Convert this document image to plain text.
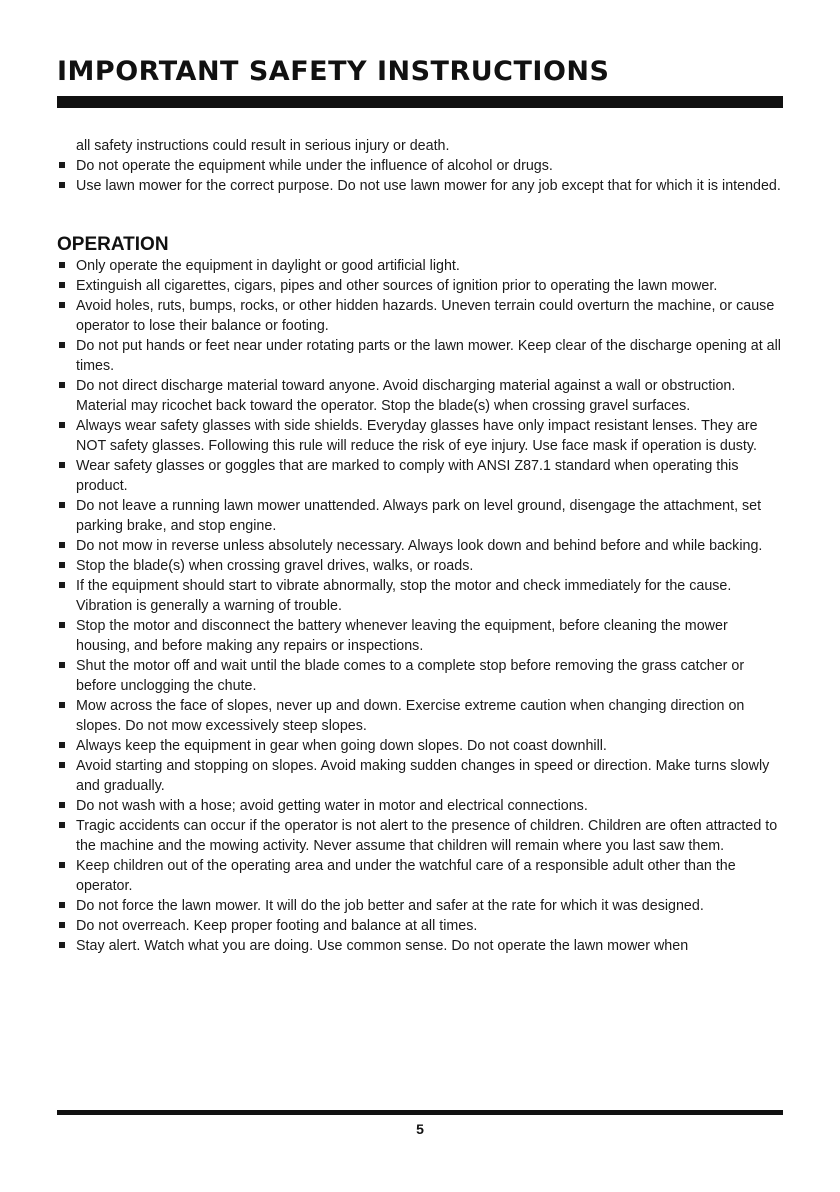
IMPORTANT SAFETY INSTRUCTIONS

all safety instructions could result in serious injury or death.

Do not operate the equipment while under the influence of alcohol or drugs.
Use lawn mower for the correct purpose. Do not use lawn mower for any job except that for which it is intended.
OPERATION
Only operate the equipment in daylight or good artificial light.
Extinguish all cigarettes, cigars, pipes and other sources of ignition prior to operating the lawn mower.
Avoid holes, ruts, bumps, rocks, or other hidden hazards. Uneven terrain could overturn the machine, or cause operator to lose their balance or footing.
Do not put hands or feet near under rotating parts or the lawn mower. Keep clear of the discharge opening at all times.
Do not direct discharge material toward anyone. Avoid discharging material against a wall or obstruction. Material may ricochet back toward the operator. Stop the blade(s) when crossing gravel surfaces.
Always wear safety glasses with side shields. Everyday glasses have only impact resistant lenses. They are NOT safety glasses. Following this rule will reduce the risk of eye injury. Use face mask if operation is dusty.
Wear safety glasses or goggles that are marked to comply with ANSI Z87.1 standard when operating this product.
Do not leave a running lawn mower unattended. Always park on level ground, disengage the attachment, set parking brake, and stop engine.
Do not mow in reverse unless absolutely necessary. Always look down and behind before and while backing.
Stop the blade(s) when crossing gravel drives, walks, or roads.
If the equipment should start to vibrate abnormally, stop the motor and check immediately for the cause. Vibration is generally a warning of trouble.
Stop the motor and disconnect the battery whenever leaving the equipment, before cleaning the mower housing, and before making any repairs or inspections.
Shut the motor off and wait until the blade comes to a complete stop before removing the grass catcher or before unclogging the chute.
Mow across the face of slopes, never up and down. Exercise extreme caution when changing direction on slopes. Do not mow excessively steep slopes.
Always keep the equipment in gear when going down slopes. Do not coast downhill.
Avoid starting and stopping on slopes. Avoid making sudden changes in speed or direction. Make turns slowly and gradually.
Do not wash with a hose; avoid getting water in motor and electrical connections.
Tragic accidents can occur if the operator is not alert to the presence of children. Children are often attracted to the machine and the mowing activity. Never assume that children will remain where you last saw them.
Keep children out of the operating area and under the watchful care of a responsible adult other than the operator.
Do not force the lawn mower. It will do the job better and safer at the rate for which it was designed.
Do not overreach. Keep proper footing and balance at all times.
Stay alert. Watch what you are doing. Use common sense. Do not operate the lawn mower when
5
